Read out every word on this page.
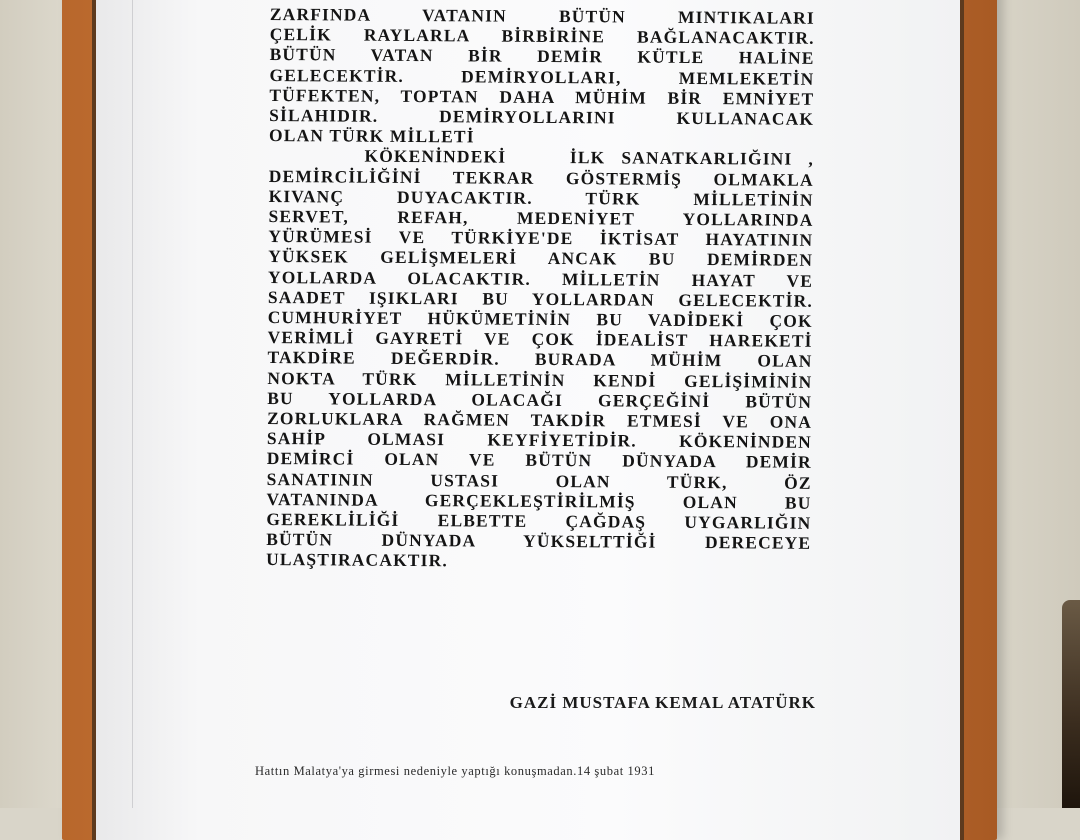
ZARFINDA VATANIN BÜTÜN MINTIKALARI
ÇELİK RAYLARLA BİRBİRİNE BAĞLANACAKTIR.
BÜTÜN VATAN BİR DEMİR KÜTLE HALİNE
GELECEKTİR. DEMİRYOLLARI, MEMLEKETİN
TÜFEKTEN, TOPTAN DAHA MÜHİM BİR EMNİYET
SİLAHIDIR. DEMİRYOLLARINI KULLANACAK
OLAN TÜRK MİLLETİ
KÖKENİNDEKİ    İLK SANATKARLIĞINI ,
DEMİRCİLİĞİNİ TEKRAR GÖSTERMİŞ OLMAKLA
KIVANÇ DUYACAKTIR. TÜRK MİLLETİNİN
SERVET, REFAH, MEDENİYET YOLLARINDA
YÜRÜMESİ VE TÜRKİYE'DE İKTİSAT HAYATININ
YÜKSEK GELİŞMELERİ ANCAK BU DEMİRDEN
YOLLARDA OLACAKTIR. MİLLETİN HAYAT VE
SAADET IŞIKLARI BU YOLLARDAN GELECEKTİR.
CUMHURİYET HÜKÜMETİNİN BU VADİDEKİ ÇOK
VERİMLİ GAYRETİ VE ÇOK İDEALİST HAREKETİ
TAKDİRE DEĞERDİR. BURADA MÜHİM OLAN
NOKTA TÜRK MİLLETİNİN KENDİ GELİŞİMİNİN
BU YOLLARDA OLACAĞI GERÇEĞİNİ BÜTÜN
ZORLUKLARA RAĞMEN TAKDİR ETMESİ VE ONA
SAHİP OLMASI KEYFİYETİDİR. KÖKENİNDEN
DEMİRCİ OLAN VE BÜTÜN DÜNYADA DEMİR
SANATININ USTASI OLAN TÜRK, ÖZ
VATANINDA GERÇEKLEŞTİRİLMİŞ OLAN BU
GEREKLİLİĞİ ELBETTE ÇAĞDAŞ UYGARLIĞIN
BÜTÜN DÜNYADA YÜKSELTTİĞİ DERECEYE
ULAŞTIRACAKTIR.
GAZİ MUSTAFA KEMAL ATATÜRK
Hattın Malatya'ya girmesi nedeniyle yaptığı konuşmadan.14 şubat 1931
